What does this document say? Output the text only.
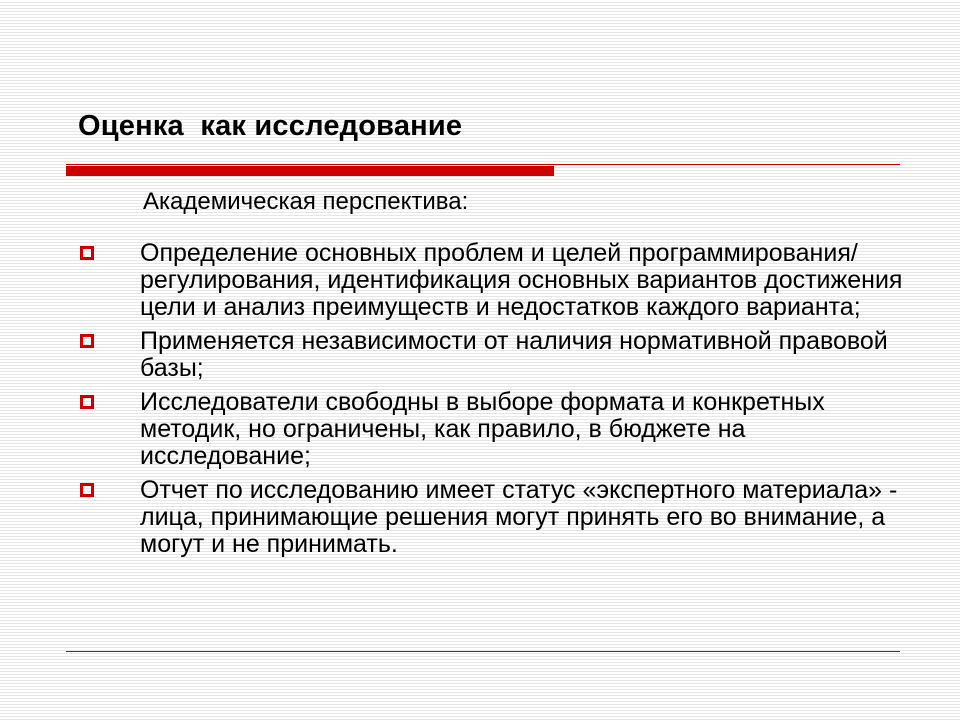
Оценка  как исследование
Академическая перспектива:
Определение основных проблем и целей программирования/регулирования, идентификация основных вариантов достижения цели и анализ преимуществ и недостатков каждого варианта;
Применяется независимости от наличия нормативной правовой базы;
Исследователи свободны в выборе формата и конкретных методик, но ограничены, как правило, в бюджете на исследование;
Отчет по исследованию имеет статус «экспертного материала» - лица, принимающие решения могут принять его во внимание, а могут и не принимать.
